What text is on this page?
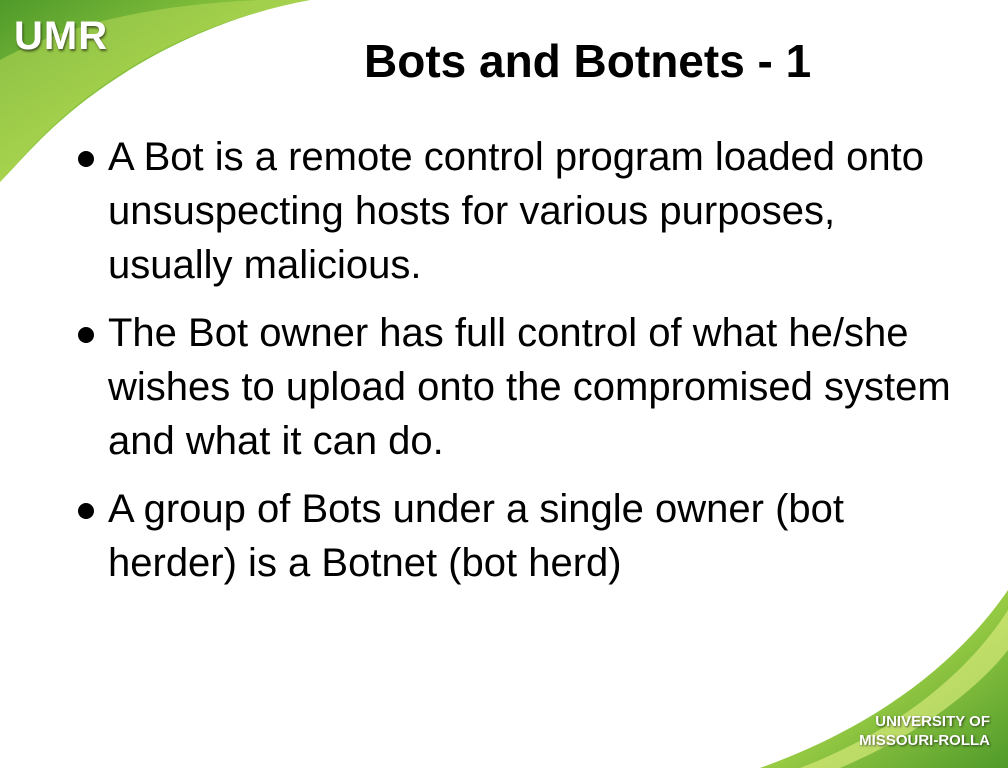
UMR	Bots and Botnets - 1
A Bot is a remote control program loaded onto unsuspecting hosts for various purposes, usually malicious.
The Bot owner has full control of what he/she wishes to upload onto the compromised system and what it can do.
A group of Bots under a single owner (bot herder) is a Botnet (bot herd)
UNIVERSITY OF
MISSOURI-ROLLA
